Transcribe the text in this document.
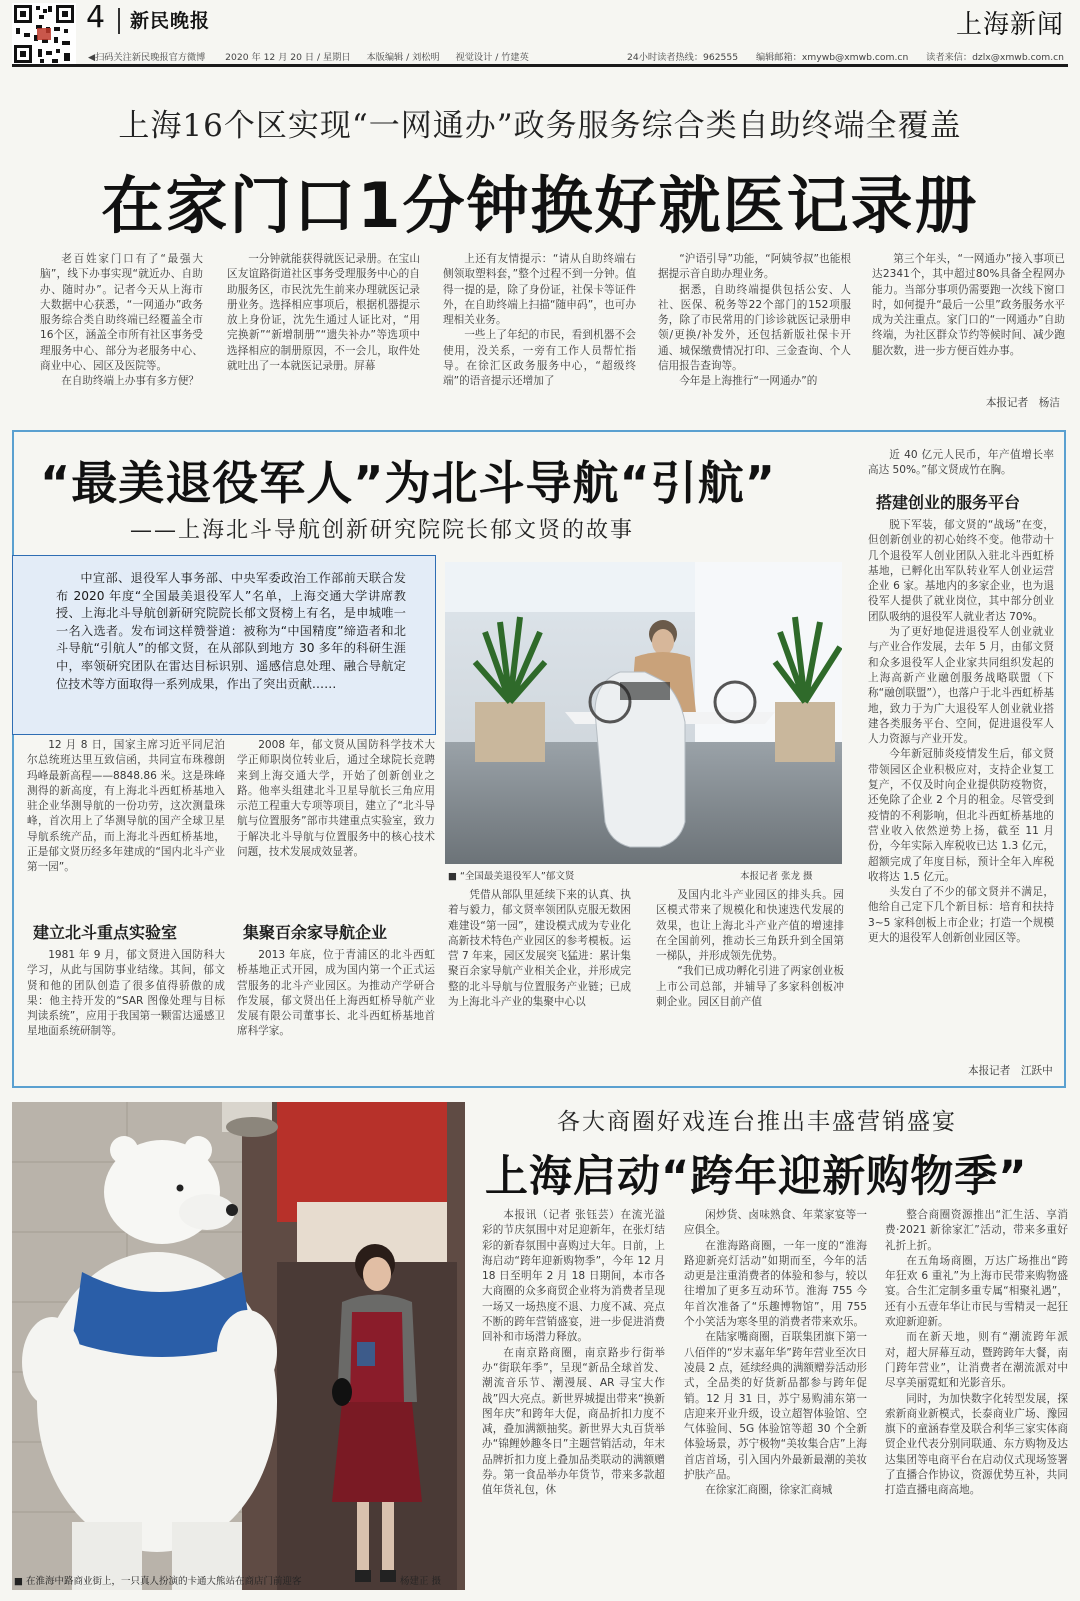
4 新民晚报	上海新闻
◀扫码关注新民晚报官方微博 2020 年 12 月 20 日 / 星期日 本版编辑 / 刘松明 视觉设计 / 竹建英	24小时读者热线：962555 编辑邮箱：xmywb@xmwb.com.cn 读者来信：dzlx@xmwb.com.cn
上海16个区实现“一网通办”政务服务综合类自助终端全覆盖
在家门口1分钟换好就医记录册

老百姓家门口有了“最强大脑”，线下办事实现“就近办、自助办、随时办”。记者今天从上海市大数据中心获悉，“一网通办”政务服务综合类自助终端已经覆盖全市16个区，涵盖全市所有社区事务受理服务中心、部分为老服务中心、商业中心、园区及医院等。

在自助终端上办事有多方便？

一分钟就能获得就医记录册。在宝山区友谊路街道社区事务受理服务中心的自助服务区，市民沈先生前来办理就医记录册业务。选择相应事项后，根据机器提示放上身份证，沈先生通过人证比对，“用完换新”“新增制册”“遗失补办”等选项中选择相应的制册原因，不一会儿，取件处就吐出了一本就医记录册。屏幕

上还有友情提示：“请从自助终端右侧领取塑料套，”整个过程不到一分钟。值得一提的是，除了身份证，社保卡等证件外，在自助终端上扫描“随申码”，也可办理相关业务。

一些上了年纪的市民，看到机器不会使用，没关系，一旁有工作人员帮忙指导。在徐汇区政务服务中心，“超级终端”的语音提示还增加了

“沪语引导”功能，“阿姨爷叔”也能根据提示音自助办理业务。

据悉，自助终端提供包括公安、人社、医保、税务等22个部门的152项服务，除了市民常用的门诊诊就医记录册申领/更换/补发外，还包括新版社保卡开通、城保缴费情况打印、三金查询、个人信用报告查询等。

今年是上海推行“一网通办”的

第三个年头，“一网通办”接入事项已达2341个，其中超过80%具备全程网办能力。当部分事项仍需要跑一次线下窗口时，如何提升“最后一公里”政务服务水平成为关注重点。家门口的“一网通办”自助终端，为社区群众节约等候时间、减少跑腿次数，进一步方便百姓办事。

本报记者　杨洁
“最美退役军人”为北斗导航“引航”
——上海北斗导航创新研究院院长郁文贤的故事
中宣部、退役军人事务部、中央军委政治工作部前天联合发布 2020 年度“全国最美退役军人”名单，上海交通大学讲席教授、上海北斗导航创新研究院院长郁文贤榜上有名，是申城唯一一名入选者。发布词这样赞誉道：被称为“中国精度”缔造者和北斗导航“引航人”的郁文贤，在从部队到地方 30 多年的科研生涯中，率领研究团队在雷达目标识别、遥感信息处理、融合导航定位技术等方面取得一系列成果，作出了突出贡献……
■ “全国最美退役军人”郁文贤	本报记者 张龙 摄

12 月 8 日，国家主席习近平同尼泊尔总统班达里互致信函，共同宣布珠穆朗玛峰最新高程——8848.86 米。这是珠峰测得的新高度，有上海北斗西虹桥基地入驻企业华测导航的一份功劳，这次测量珠峰，首次用上了华测导航的国产全球卫星导航系统产品，而上海北斗西虹桥基地，正是郁文贤历经多年建成的“国内北斗产业第一园”。

2008 年，郁文贤从国防科学技术大学正师职岗位转业后，通过全球院长竞聘来到上海交通大学，开始了创新创业之路。他率头组建北斗卫星导航长三角应用示范工程重大专项等项目，建立了“北斗导航与位置服务”部市共建重点实验室，致力于解决北斗导航与位置服务中的核心技术问题，技术发展成效显著。

建立北斗重点实验室	集聚百余家导航企业

1981 年 9 月，郁文贤进入国防科大学习，从此与国防事业结缘。其间，郁文贤和他的团队创造了很多值得骄傲的成果：他主持开发的“SAR 图像处理与目标判读系统”，应用于我国第一颗雷达遥感卫星地面系统研制等。

2013 年底，位于青浦区的北斗西虹桥基地正式开园，成为国内第一个正式运营服务的北斗产业园区。为推动产学研合作发展，郁文贤出任上海西虹桥导航产业发展有限公司董事长、北斗西虹桥基地首席科学家。

凭借从部队里延续下来的认真、执着与毅力，郁文贤率领团队克服无数困难建设“第一园”，建设模式成为专业化高新技术特色产业园区的参考模板。运营 7 年来，园区发展突飞猛进：累计集聚百余家导航产业相关企业，并形成完整的北斗导航与位置服务产业链；已成为上海北斗产业的集聚中心以

及国内北斗产业园区的排头兵。园区模式带来了规模化和快速迭代发展的效果，也让上海北斗产业产值的增速排在全国前列，推动长三角跃升到全国第一梯队，并形成领先优势。

“我们已成功孵化引进了两家创业板上市公司总部，并辅导了多家科创板冲刺企业。园区目前产值

近 40 亿元人民币，年产值增长率高达 50%。”郁文贤成竹在胸。

搭建创业的服务平台

脱下军装，郁文贤的“战场”在变，但创新创业的初心始终不变。他带动十几个退役军人创业团队入驻北斗西虹桥基地，已孵化出军队转业军人创业运营企业 6 家。基地内的多家企业，也为退役军人提供了就业岗位，其中部分创业团队吸纳的退役军人就业者达 70%。

为了更好地促进退役军人创业就业与产业合作发展，去年 5 月，由郁文贤和众多退役军人企业家共同组织发起的上海高新产业融创服务战略联盟（下称“融创联盟”），也落户于北斗西虹桥基地，致力于为广大退役军人创业就业搭建各类服务平台、空间，促进退役军人人力资源与产业开发。

今年新冠肺炎疫情发生后，郁文贤带领园区企业积极应对，支持企业复工复产，不仅及时向企业提供防疫物资，还免除了企业 2 个月的租金。尽管受到疫情的不利影响，但北斗西虹桥基地的营业收入依然逆势上扬，截至 11 月份，今年实际入库税收已达 1.3 亿元，超额完成了年度目标，预计全年入库税收将达 1.5 亿元。

头发白了不少的郁文贤并不满足，他给自己定下几个新目标：培育和扶持 3~5 家科创板上市企业；打造一个规模更大的退役军人创新创业园区等。

本报记者　江跃中
■ 在淮海中路商业街上，一只真人扮演的卡通大熊站在商店门前迎客	杨建正 摄
各大商圈好戏连台推出丰盛营销盛宴
上海启动“跨年迎新购物季”

本报讯（记者 张钰芸）在流光溢彩的节庆氛围中对足迎新年，在张灯结彩的新春氛围中喜购过大年。日前，上海启动“跨年迎新购物季”，今年 12 月 18 日至明年 2 月 18 日期间，本市各大商圈的众多商贸企业将为消费者呈现一场又一场热度不退、力度不减、亮点不断的跨年营销盛宴，进一步促进消费回补和市场潜力释放。

在南京路商圈，南京路步行街举办“街联年季”，呈现“新品全球首发、潮流音乐节、潮漫展、AR 寻宝大作战”四大亮点。新世界城提出带来“换新图年庆”和跨年大促，商品折扣力度不减，叠加满额抽奖。新世界大丸百货举办“锦鲤妙趣冬日”主题营销活动，年末品牌折扣力度上叠加品类联动的满额赠券。第一食品举办年货节，带来多款超值年货礼包，休

闲炒货、卤味熟食、年菜家宴等一应俱全。

在淮海路商圈，一年一度的“淮海路迎新亮灯活动”如期而至，今年的活动更是注重消费者的体验和参与，较以往增加了更多互动环节。淮海 755 今年首次准备了“乐趣博物馆”，用 755 个小笑活为寒冬里的消费者带来欢乐。

在陆家嘴商圈，百联集团旗下第一八佰伴的“岁末嘉年华”跨年营业至次日凌晨 2 点，延续经典的满额赠券活动形式，全品类的好货新品都参与跨年促销。12 月 31 日，苏宁易购浦东第一店迎来开业升级，设立超智体验馆、空气体验间、5G 体验馆等超 30 个全新体验场景，苏宁极物“美妆集合店”上海首店首场，引入国内外最新最潮的美妆护肤产品。

在徐家汇商圈，徐家汇商城

整合商圈资源推出“汇生活、享消费·2021 新徐家汇”活动，带来多重好礼折上折。

在五角场商圈，万达广场推出“跨年狂欢 6 重礼”为上海市民带来购物盛宴。合生汇定制多重专属“相聚礼遇”，还有小五壹年华让市民与雪精灵一起狂欢迎新迎新。

而在新天地，则有“潮流跨年派对，超大屏幕互动，暨跨跨年大餐，南门跨年营业”，让消费者在潮流派对中尽享美丽霓虹和光影音乐。

同时，为加快数字化转型发展，探索新商业新模式，长泰商业广场、豫园旗下的童涵春堂及联合利华三家实体商贸企业代表分别同联通、东方购物及达达集团等电商平台在启动仪式现场签署了直播合作协议，资源优势互补，共同打造直播电商高地。
